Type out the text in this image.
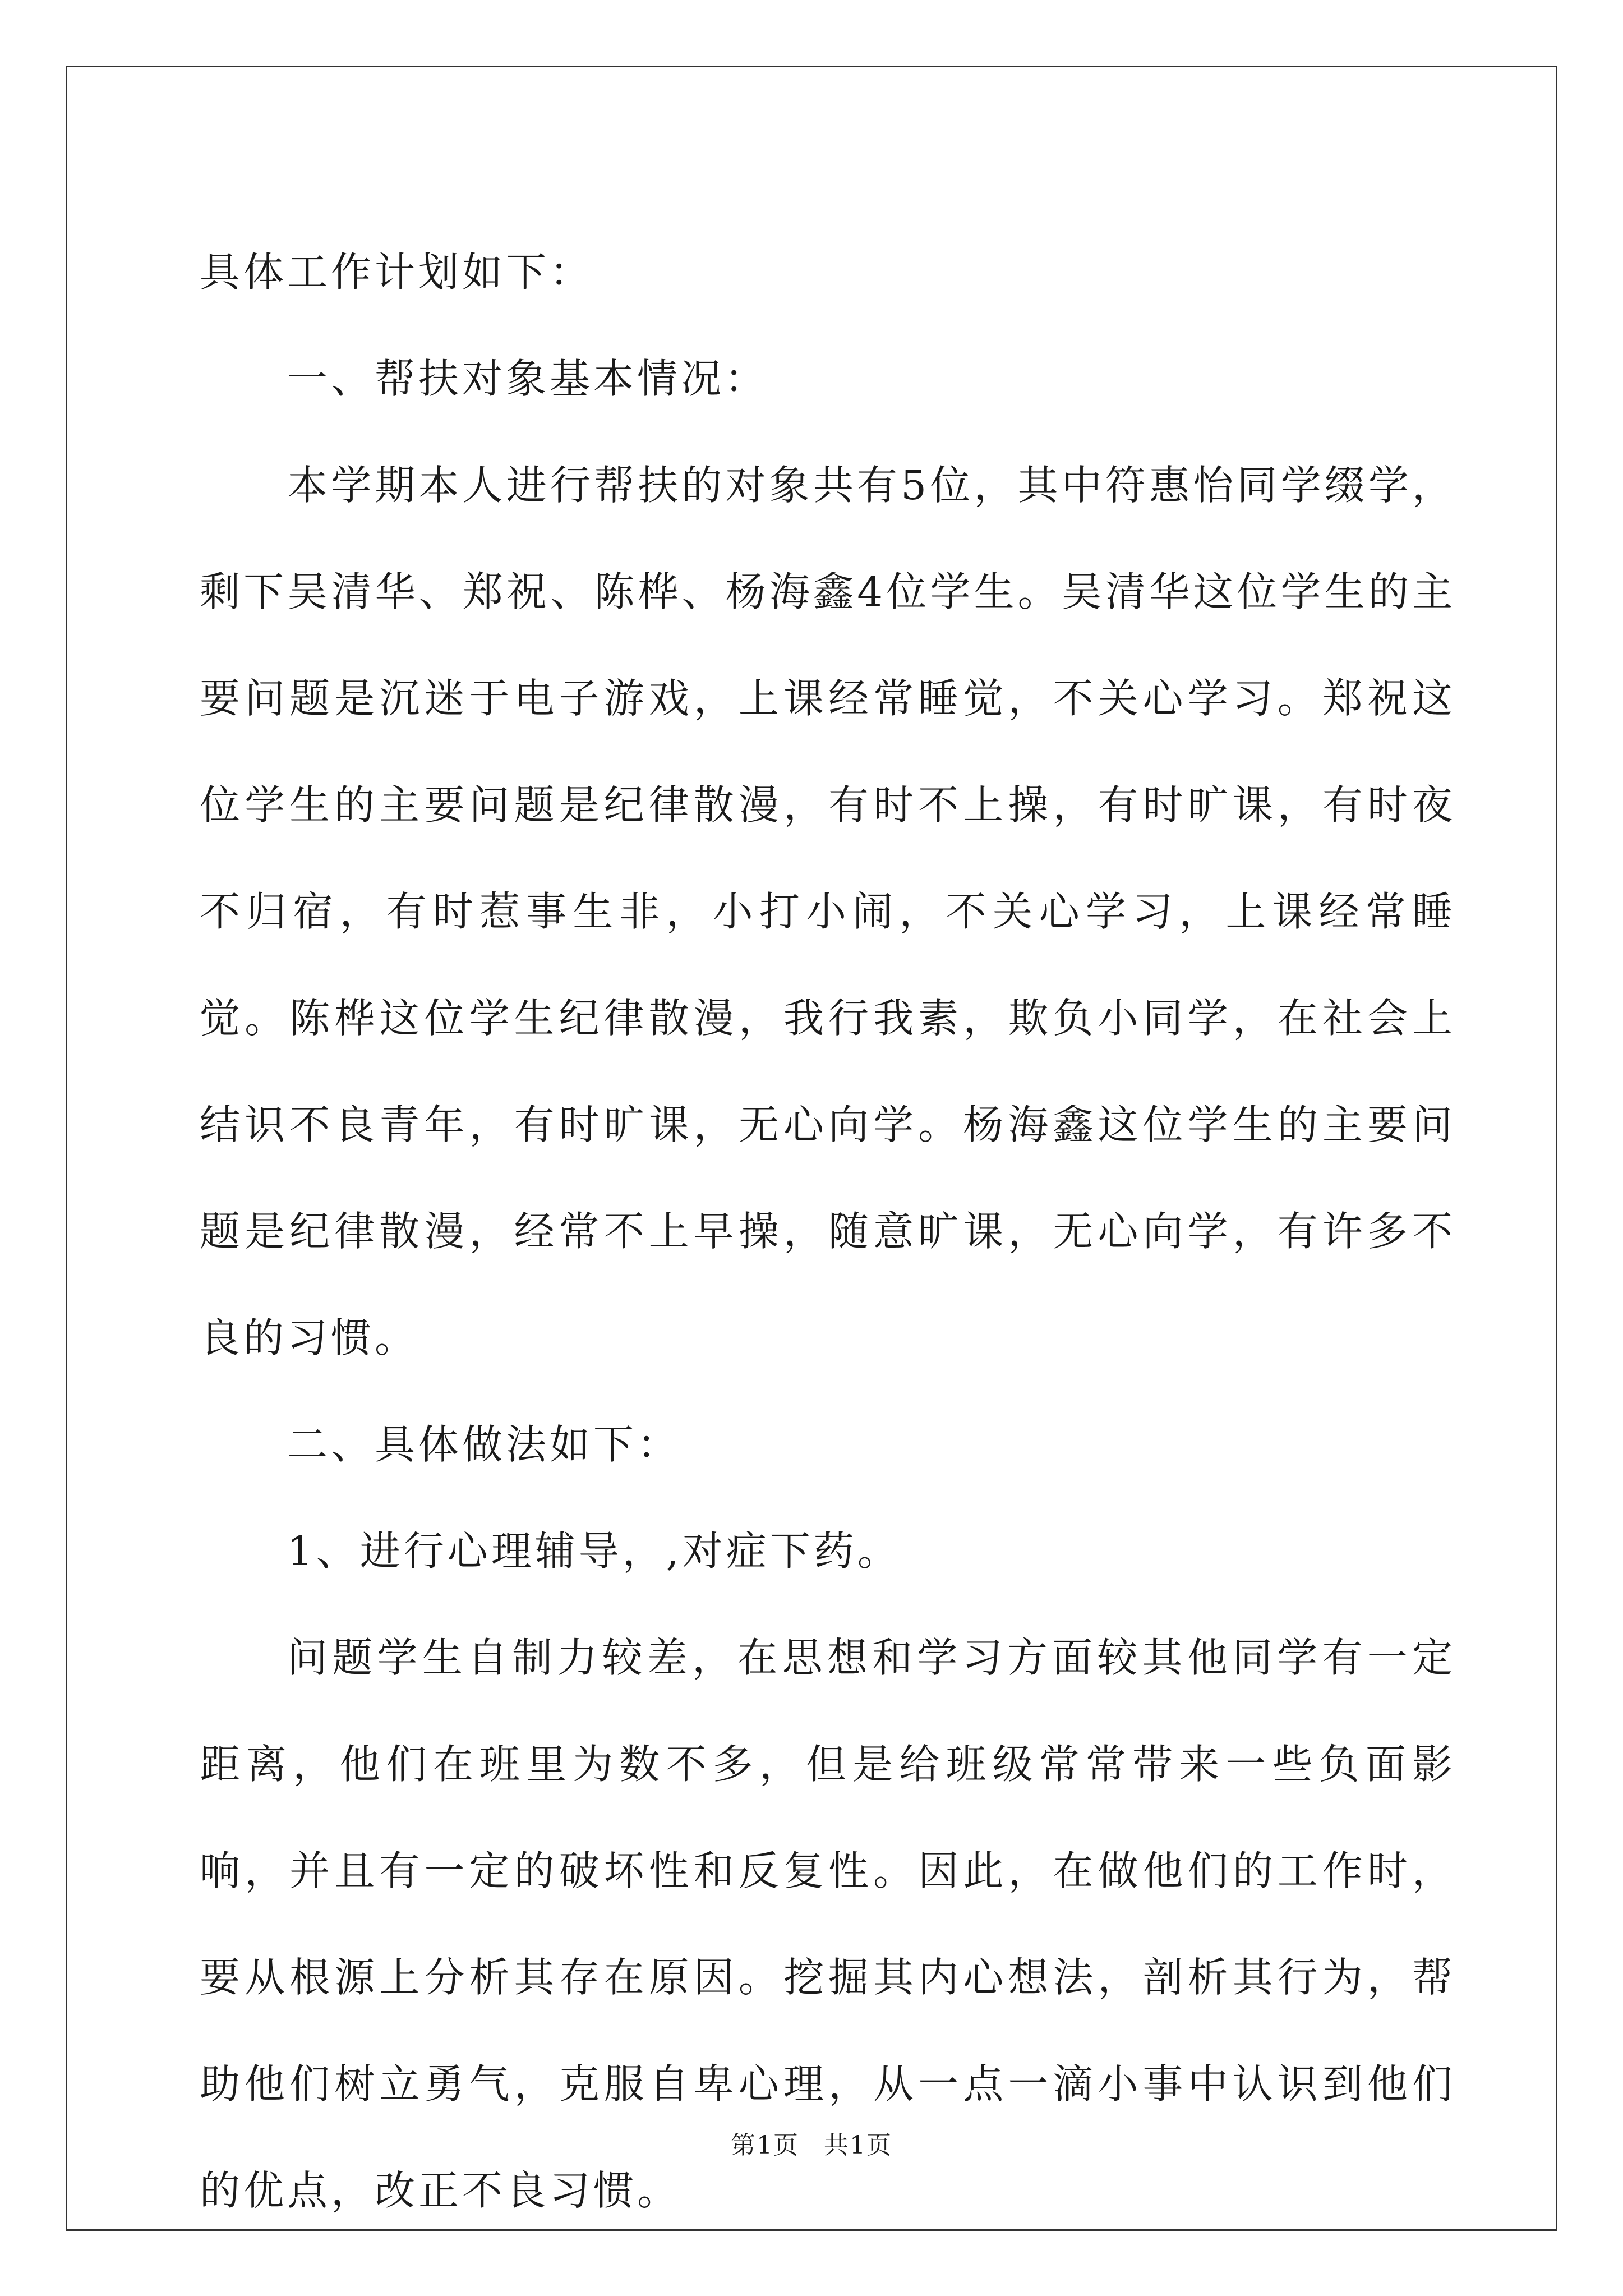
具体工作计划如下：

一、帮扶对象基本情况：

本学期本人进行帮扶的对象共有5位，其中符惠怡同学缀学，剩下吴清华、郑祝、陈桦、杨海鑫4位学生。吴清华这位学生的主要问题是沉迷于电子游戏，上课经常睡觉，不关心学习。郑祝这位学生的主要问题是纪律散漫，有时不上操，有时旷课，有时夜不归宿，有时惹事生非，小打小闹，不关心学习，上课经常睡觉。陈桦这位学生纪律散漫，我行我素，欺负小同学，在社会上结识不良青年，有时旷课，无心向学。杨海鑫这位学生的主要问题是纪律散漫，经常不上早操，随意旷课，无心向学，有许多不良的习惯。

二、具体做法如下：

1、进行心理辅导，,对症下药。

问题学生自制力较差，在思想和学习方面较其他同学有一定距离，他们在班里为数不多，但是给班级常常带来一些负面影响，并且有一定的破坏性和反复性。因此，在做他们的工作时，要从根源上分析其存在原因。挖掘其内心想法，剖析其行为，帮助他们树立勇气，克服自卑心理，从一点一滴小事中认识到他们的优点，改正不良习惯。

第1页 共1页
